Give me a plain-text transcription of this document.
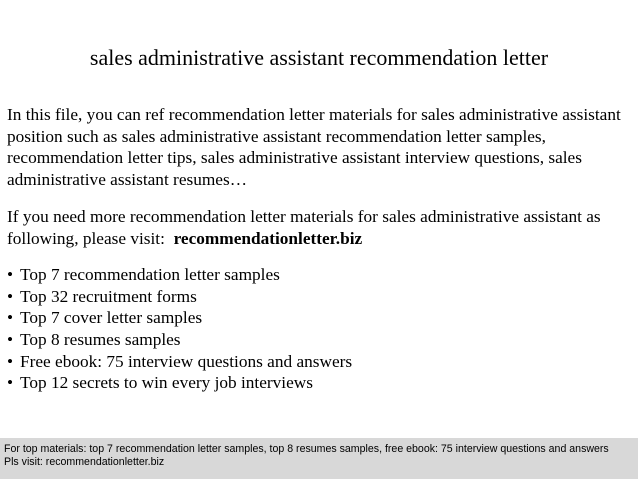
sales administrative assistant recommendation letter
In this file, you can ref recommendation letter materials for sales administrative assistant position such as sales administrative assistant recommendation letter samples, recommendation letter tips, sales administrative assistant interview questions, sales administrative assistant resumes…
If you need more recommendation letter materials for sales administrative assistant as following, please visit: recommendationletter.biz
• Top 7 recommendation letter samples
• Top 32 recruitment forms
• Top 7 cover letter samples
• Top 8 resumes samples
• Free ebook: 75 interview questions and answers
• Top 12 secrets to win every job interviews
For top materials: top 7 recommendation letter samples, top 8 resumes samples, free ebook: 75 interview questions and answers
Pls visit: recommendationletter.biz
